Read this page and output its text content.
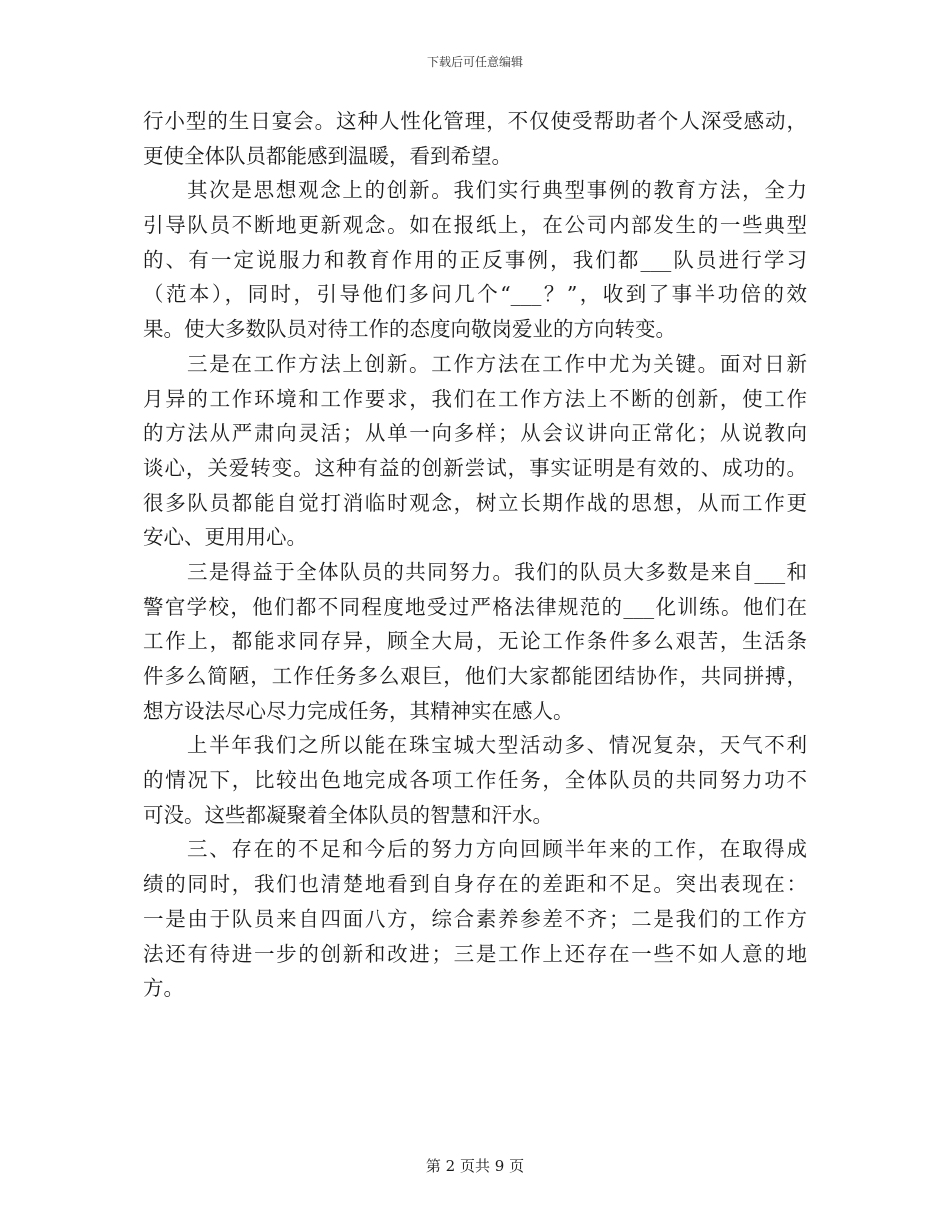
下载后可任意编辑
行小型的生日宴会。这种人性化管理，不仅使受帮助者个人深受感动，
更使全体队员都能感到温暖，看到希望。
其次是思想观念上的创新。我们实行典型事例的教育方法，全力
引导队员不断地更新观念。如在报纸上，在公司内部发生的一些典型
的、有一定说服力和教育作用的正反事例，我们都___队员进行学习
（范本），同时，引导他们多问几个“___？”，收到了事半功倍的效
果。使大多数队员对待工作的态度向敬岗爱业的方向转变。
三是在工作方法上创新。工作方法在工作中尤为关键。面对日新
月异的工作环境和工作要求，我们在工作方法上不断的创新，使工作
的方法从严肃向灵活；从单一向多样；从会议讲向正常化；从说教向
谈心，关爱转变。这种有益的创新尝试，事实证明是有效的、成功的。
很多队员都能自觉打消临时观念，树立长期作战的思想，从而工作更
安心、更用用心。
三是得益于全体队员的共同努力。我们的队员大多数是来自___和
警官学校，他们都不同程度地受过严格法律规范的___化训练。他们在
工作上，都能求同存异，顾全大局，无论工作条件多么艰苦，生活条
件多么简陋，工作任务多么艰巨，他们大家都能团结协作，共同拼搏，
想方设法尽心尽力完成任务，其精神实在感人。
上半年我们之所以能在珠宝城大型活动多、情况复杂，天气不利
的情况下，比较出色地完成各项工作任务，全体队员的共同努力功不
可没。这些都凝聚着全体队员的智慧和汗水。
三、存在的不足和今后的努力方向回顾半年来的工作，在取得成
绩的同时，我们也清楚地看到自身存在的差距和不足。突出表现在：
一是由于队员来自四面八方，综合素养参差不齐；二是我们的工作方
法还有待进一步的创新和改进；三是工作上还存在一些不如人意的地
方。
第 2 页共 9 页
